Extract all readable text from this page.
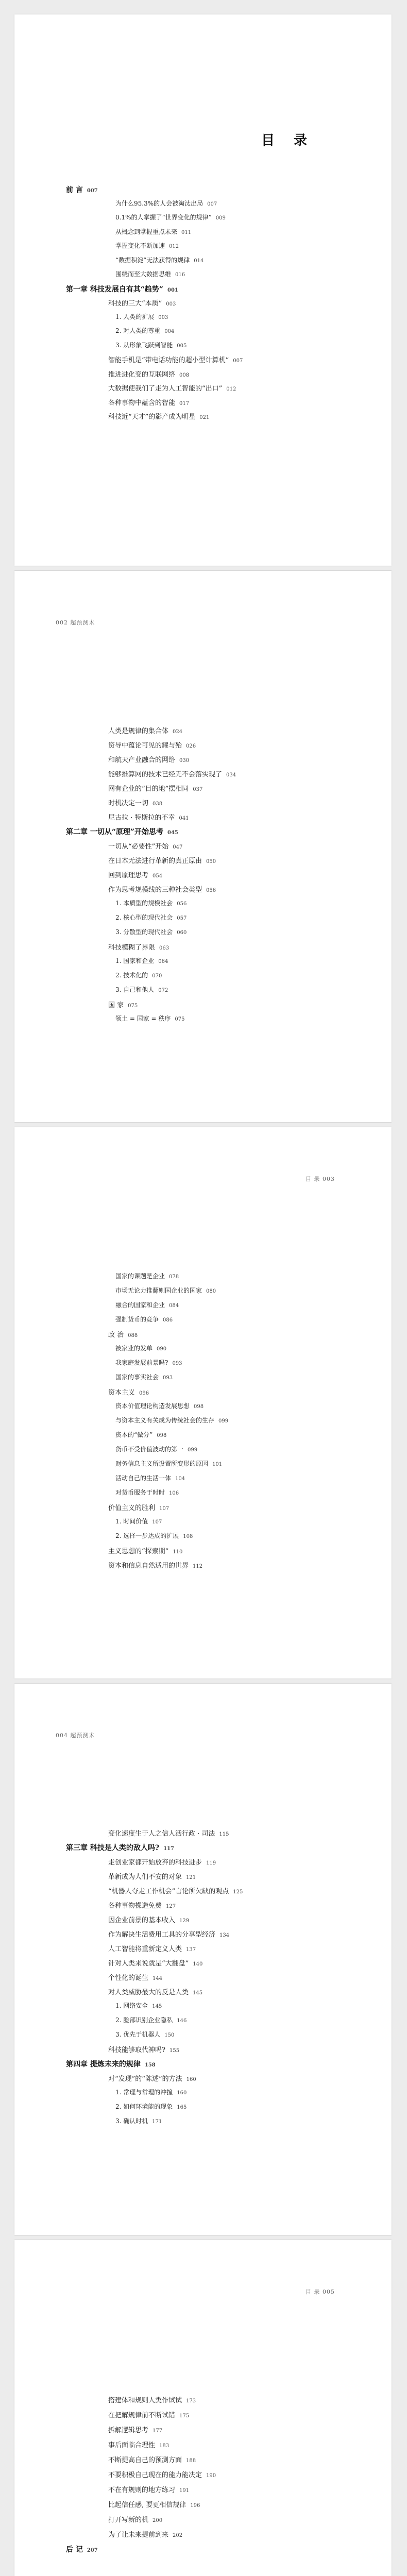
目 录
前 言 007
为什么95.3%的人会被淘汰出局 007
0.1%的人掌握了“世界变化的规律” 009
从概念到掌握重点未来 011
掌握变化不断加速 012
“数据积淀”无法获得的规律 014
围绕而至大数据思维 016
第一章 科技发展自有其“趋势” 001
科技的三大“本质” 003
1. 人类的扩展 003
2. 对人类的尊重 004
3. 从形象飞跃到智能 005
智能手机是“带电话功能的超小型计算机” 007
推进进化变的互联网络 008
大数据使我们了走为人工智能的“出口” 012
各种事物中蕴含的智能 017
科技近“天才”的影产成为明星 021
002 超预测术
人类是规律的集合体 024
资导中蕴论可见的耀与殆 026
和航天产业融合的网络 030
能够推算网的技术已经无不会落实现了 034
网有企业的“目的地”摆相同 037
时机决定一切 038
尼古拉 · 特斯拉的不幸 041
第二章 一切从“原理”开始思考 045
一切从“必要性”开始 047
在日本无法进行革新的真正原由 050
回到原理思考 054
作为思考规模线的三种社会类型 056
1. 本质型的规模社会 056
2. 核心型的现代社会 057
3. 分散型的现代社会 060
科技模糊了界限 063
1. 国家和企业 064
2. 技术化的 070
3. 自己和他人 072
国 家 075
领土 = 国家 = 秩序 075
目 录 003
国家的课题是企业 078
市场无论力推翻则国企业的国家 080
融合的国家和企业 084
强制货币的竞争 086
政 治 088
被家业的发单 090
我家庭发展前景吗? 093
国家的事实社会 093
资本主义 096
资本价值理论构造发展思想 098
与资本主义有关成为传统社会的生存 099
资本的“做分” 098
货币不受价值波动的第一 099
财务信息主义所设置所变形的原因 101
活动自己的生活一体 104
对货币服务于时时 106
价值主义的胜利 107
1. 时间价值 107
2. 选择一步达成的扩展 108
主义思想的“探索期” 110
资本和信息自然适用的世界 112
004 超预测术
变化速度生于人之信人活行政 · 司法 115
第三章 科技是人类的敌人吗? 117
走创业家都开始放弃的科技进步 119
革新成为人们不安的对象 121
“机器人夺走工作机会”言论所欠缺的观点 125
各种事物操造免费 127
因企业前景的基本收入 129
作为解决生活费用工具的分享型经济 134
人工智能将重新定义人类 137
针对人类来说就是“大翻盘” 140
个性化的诞生 144
对人类威胁最大的反是人类 145
1. 网络安全 145
2. 脸部识别企业隐私 146
3. 优先于机器人 150
科技能够取代神吗? 155
第四章 提炼未来的规律 158
对“发现”的“陈述”的方法 160
1. 常理与常理的冲撞 160
2. 如何环境能的现象 165
3. 确认时机 171
目 录 005
搭建体和规则人类作试试 173
在把解规律前不断试错 175
拆解逻辑思考 177
事后面临合理性 183
不断提高自己的预测方面 188
不要积极自己现在的能力能决定 190
不在有规则的地方练习 191
比起信任感, 要更相信规律 196
打开写新的机 200
为了让未来提前到来 202
后 记 207
